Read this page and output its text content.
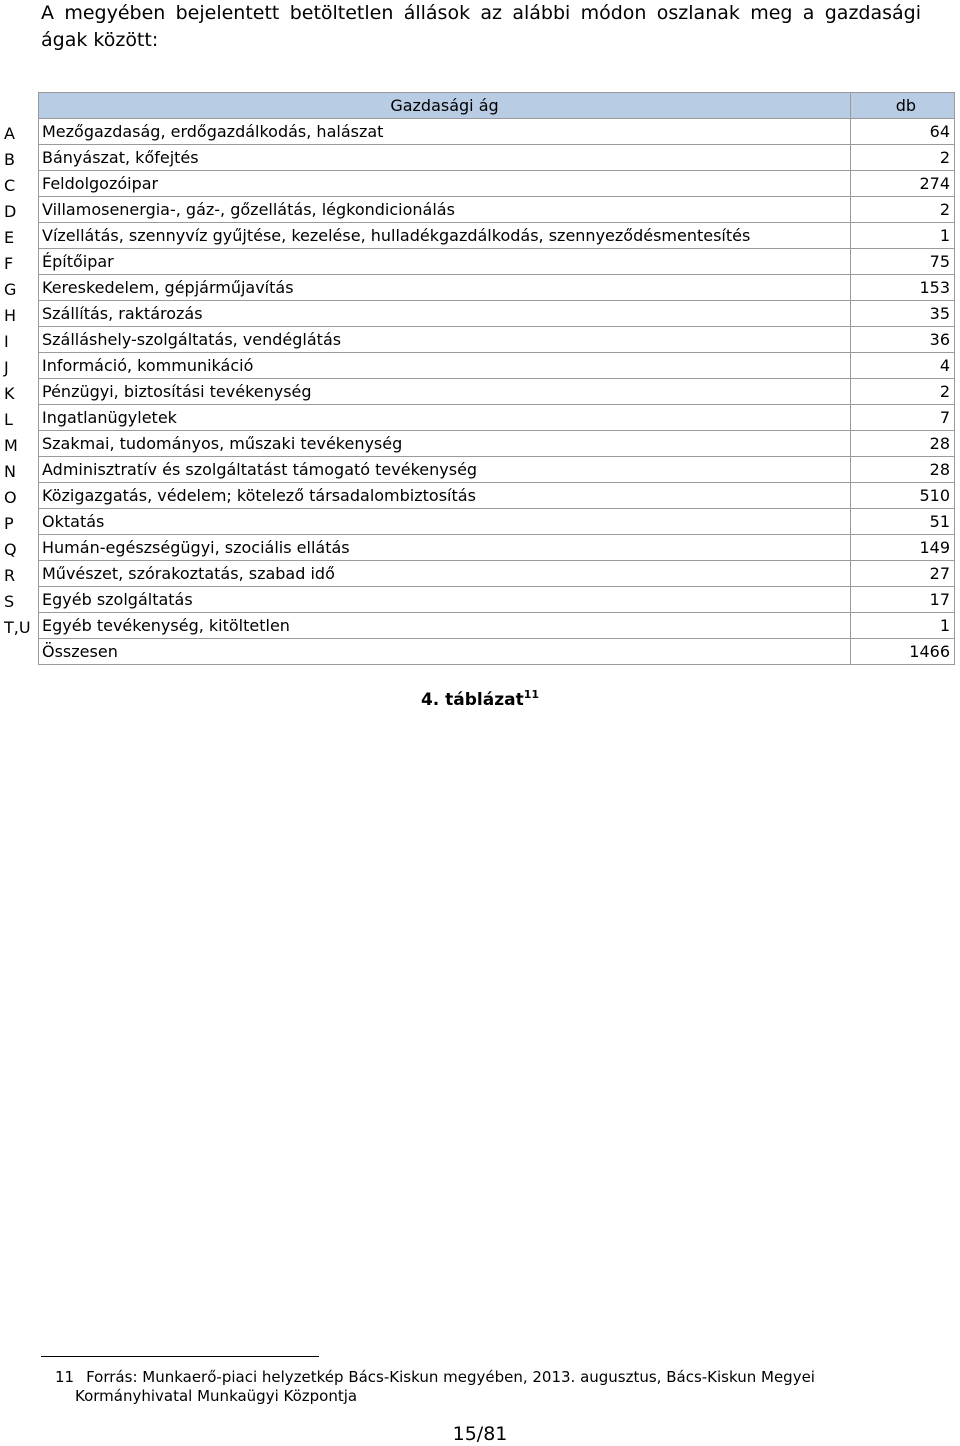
A megyében bejelentett betöltetlen állások az alábbi módon oszlanak meg a gazdasági ágak között:
	Gazdasági ág	db
A	Mezőgazdaság, erdőgazdálkodás, halászat	64
B	Bányászat, kőfejtés	2
C	Feldolgozóipar	274
D	Villamosenergia-, gáz-, gőzellátás, légkondicionálás	2
E	Vízellátás, szennyvíz gyűjtése, kezelése, hulladékgazdálkodás, szennyeződésmentesítés	1
F	Építőipar	75
G	Kereskedelem, gépjárműjavítás	153
H	Szállítás, raktározás	35
I	Szálláshely-szolgáltatás, vendéglátás	36
J	Információ, kommunikáció	4
K	Pénzügyi, biztosítási tevékenység	2
L	Ingatlanügyletek	7
M	Szakmai, tudományos, műszaki tevékenység	28
N	Adminisztratív és szolgáltatást támogató tevékenység	28
O	Közigazgatás, védelem; kötelező társadalombiztosítás	510
P	Oktatás	51
Q	Humán-egészségügyi, szociális ellátás	149
R	Művészet, szórakoztatás, szabad idő	27
S	Egyéb szolgáltatás	17
T,U	Egyéb tevékenység, kitöltetlen	1
	Összesen	1466
4. táblázat$^{11}$
11 Forrás: Munkaerő-piaci helyzetkép Bács-Kiskun megyében, 2013. augusztus, Bács-Kiskun Megyei
Kormányhivatal Munkaügyi Központja
15/81
